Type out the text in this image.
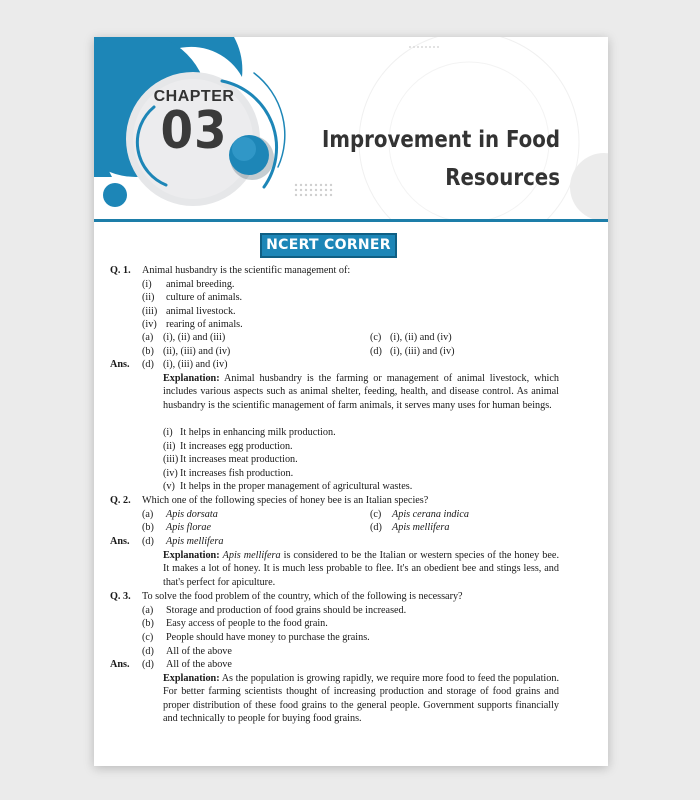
CHAPTER
03	Improvement in Food
Resources
NCERT CORNER
Q. 1. Animal husbandry is the scientific management of:
(i) animal breeding.
(ii) culture of animals.
(iii) animal livestock.
(iv) rearing of animals.
(a) (i), (ii) and (iii)
(b) (ii), (iii) and (iv)
(c) (i), (ii) and (iv)
(d) (i), (iii) and (iv)
Ans. (d) (i), (iii) and (iv)
Explanation: Animal husbandry is the farming or management of animal livestock, which includes various aspects such as animal shelter, feeding, health, and disease control. As animal husbandry is the scientific management of farm animals, it serves many uses for human beings.
(i) It helps in enhancing milk production.
(ii) It increases egg production.
(iii) It increases meat production.
(iv) It increases fish production.
(v) It helps in the proper management of agricultural wastes.
Q. 2. Which one of the following species of honey bee is an Italian species?
(a) Apis dorsata
(b) Apis florae
(c) Apis cerana indica
(d) Apis mellifera
Ans. (d) Apis mellifera
Explanation: Apis mellifera is considered to be the Italian or western species of the honey bee. It makes a lot of honey. It is much less probable to flee. It's an obedient bee and stings less, and that's perfect for apiculture.
Q. 3. To solve the food problem of the country, which of the following is necessary?
(a) Storage and production of food grains should be increased.
(b) Easy access of people to the food grain.
(c) People should have money to purchase the grains.
(d) All of the above
Ans. (d) All of the above
Explanation: As the population is growing rapidly, we require more food to feed the population. For better farming scientists thought of increasing production and storage of food grains and proper distribution of these food grains to the general people. Government supports financially and technically to people for buying food grains.
